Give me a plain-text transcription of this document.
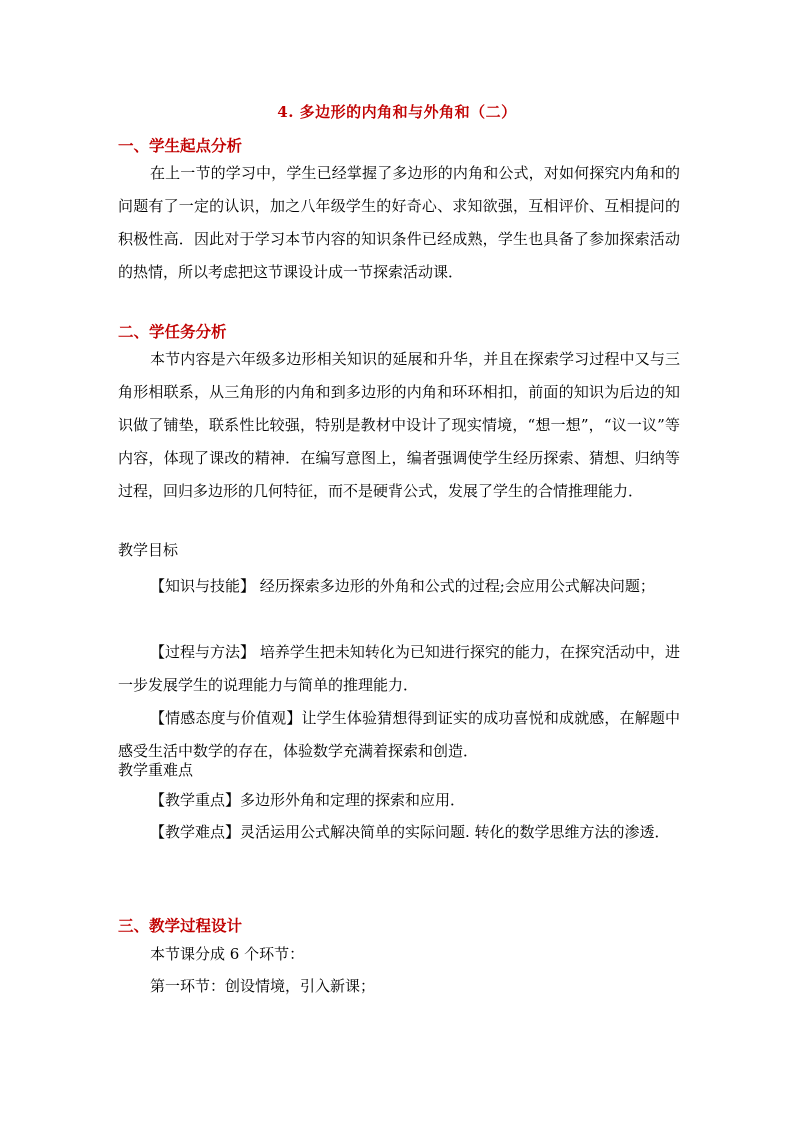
4. 多边形的内角和与外角和（二）
一、学生起点分析

在上一节的学习中，学生已经掌握了多边形的内角和公式，对如何探究内角和的问题有了一定的认识，加之八年级学生的好奇心、求知欲强，互相评价、互相提问的积极性高．因此对于学习本节内容的知识条件已经成熟，学生也具备了参加探索活动的热情，所以考虑把这节课设计成一节探索活动课．

二、学任务分析

本节内容是六年级多边形相关知识的延展和升华，并且在探索学习过程中又与三角形相联系，从三角形的内角和到多边形的内角和环环相扣，前面的知识为后边的知识做了铺垫，联系性比较强，特别是教材中设计了现实情境，“想一想”，“议一议”等内容，体现了课改的精神．在编写意图上，编者强调使学生经历探索、猜想、归纳等过程，回归多边形的几何特征，而不是硬背公式，发展了学生的合情推理能力．

教学目标

【知识与技能】 经历探索多边形的外角和公式的过程;会应用公式解决问题；

【过程与方法】 培养学生把未知转化为已知进行探究的能力，在探究活动中，进一步发展学生的说理能力与简单的推理能力．

【情感态度与价值观】让学生体验猜想得到证实的成功喜悦和成就感，在解题中感受生活中数学的存在，体验数学充满着探索和创造．

教学重难点

【教学重点】多边形外角和定理的探索和应用．

【教学难点】灵活运用公式解决简单的实际问题. 转化的数学思维方法的渗透．

三、教学过程设计

本节课分成 6 个环节：

第一环节：创设情境，引入新课；
